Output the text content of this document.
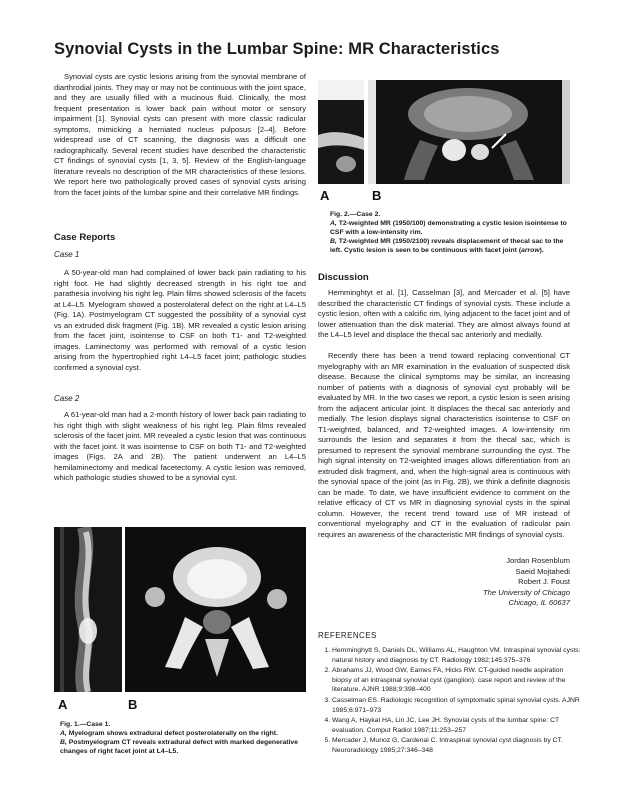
Synovial Cysts in the Lumbar Spine: MR Characteristics

Synovial cysts are cystic lesions arising from the synovial membrane of diarthrodial joints. They may or may not be continuous with the joint space, and they are usually filled with a mucinous fluid. Clinically, the most frequent presentation is lower back pain without motor or sensory impairment [1]. Synovial cysts can present with more classic radicular symptoms, mimicking a herniated nucleus pulposus [2–4]. Before widespread use of CT scanning, the diagnosis was a difficult one radiographically. Several recent studies have described the characteristic CT findings of synovial cysts [1, 3, 5]. Review of the English-language literature reveals no description of the MR characteristics of these lesions. We report here two pathologically proved cases of synovial cysts arising from the facet joints of the lumbar spine and their correlative MR findings.

Case Reports
Case 1

A 50-year-old man had complained of lower back pain radiating to his right foot. He had slightly decreased strength in his right toe and parathesia involving his right leg. Plain films showed sclerosis of the facets at L4–L5. Myelogram showed a posterolateral defect on the right at L4–L5 (Fig. 1A). Postmyelogram CT suggested the possibility of a synovial cyst vs an extruded disk fragment (Fig. 1B). MR revealed a cystic lesion arising from the facet joint, isointense to CSF on both T1- and T2-weighted images. Laminectomy was performed with removal of a cystic lesion arising from the hypertrophied right L4–L5 facet joint; pathologic studies confirmed a synovial cyst.

Case 2

A 61-year-old man had a 2-month history of lower back pain radiating to his right thigh with slight weakness of his right leg. Plain films revealed sclerosis of the facet joint. MR revealed a cystic lesion that was continuous with the facet joint. It was isointense to CSF on both T1- and T2-weighted images (Figs. 2A and 2B). The patient underwent an L4–L5 hemilaminectomy and medical facetectomy. A cystic lesion was removed, which pathologic studies showed to be a synovial cyst.

A	B
Fig. 1.—Case 1.
A, Myelogram shows extradural defect posterolaterally on the right.
B, Postmyelogram CT reveals extradural defect with marked degenerative changes of right facet joint at L4–L5.
A	B
Fig. 2.—Case 2.
A, T2-weighted MR (1950/100) demonstrating a cystic lesion isointense to CSF with a low-intensity rim.
B, T2-weighted MR (1950/2100) reveals displacement of thecal sac to the left. Cystic lesion is seen to be continuous with facet joint (arrow).
Discussion

Hemminghtyt et al. [1], Casselman [3], and Mercader et al. [5] have described the characteristic CT findings of synovial cysts. These include a cystic lesion, often with a calcific rim, lying adjacent to the facet joint and of lower attenuation than the disk material. They are almost always found at the L4–L5 level and displace the thecal sac anteriorly and medially.

Recently there has been a trend toward replacing conventional CT myelography with an MR examination in the evaluation of suspected disk disease. Because the clinical symptoms may be similar, an increasing number of patients with a diagnosis of synovial cyst probably will be evaluated by MR. In the two cases we report, a cystic lesion is seen arising from the adjacent articular joint. It displaces the thecal sac anteriorly and medially. The lesion displays signal characteristics isointense to CSF on T1-weighted, balanced, and T2-weighted images. A low-intensity rim surrounds the lesion and separates it from the thecal sac, which is presumed to represent the synovial membrane surrounding the cyst. The high signal intensity on T2-weighted images allows differentiation from an extruded disk fragment, and, when the high-signal area is continuous with the synovial space of the joint (as in Fig. 2B), we think a definite diagnosis can be made. To date, we have insufficient evidence to comment on the relative efficacy of CT vs MR in diagnosing synovial cysts in the spinal column. However, the recent trend toward use of MR instead of conventional myelography and CT in the evaluation of radicular pain requires an awareness of the characteristic MR findings of synovial cysts.

Jordan Rosenblum
Saeid Mojtahedi
Robert J. Foust
The University of Chicago
Chicago, IL 60637
REFERENCES
1. Hemminghytt S, Daniels DL, Williams AL, Haughton VM. Intraspinal synovial cysts: natural history and diagnosis by CT. Radiology 1982;145:375–376
2. Abrahams JJ, Wood GW, Eames FA, Hicks RW. CT-guided needle aspiration biopsy of an intraspinal synovial cyst (ganglion): case report and review of the literature. AJNR 1988;9:398–400
3. Casselman ES. Radiologic recognition of symptomatic spinal synovial cysts. AJNR 1985;6:971–973
4. Wang A, Haykal HA, Lin JC, Lee JH. Synovial cysts of the lumbar spine: CT evaluation. Comput Radiol 1987;11:253–257
5. Mercader J, Munoz G, Cardenal C. Intraspinal synovial cyst diagnosis by CT. Neuroradiology 1985;27:346–348
